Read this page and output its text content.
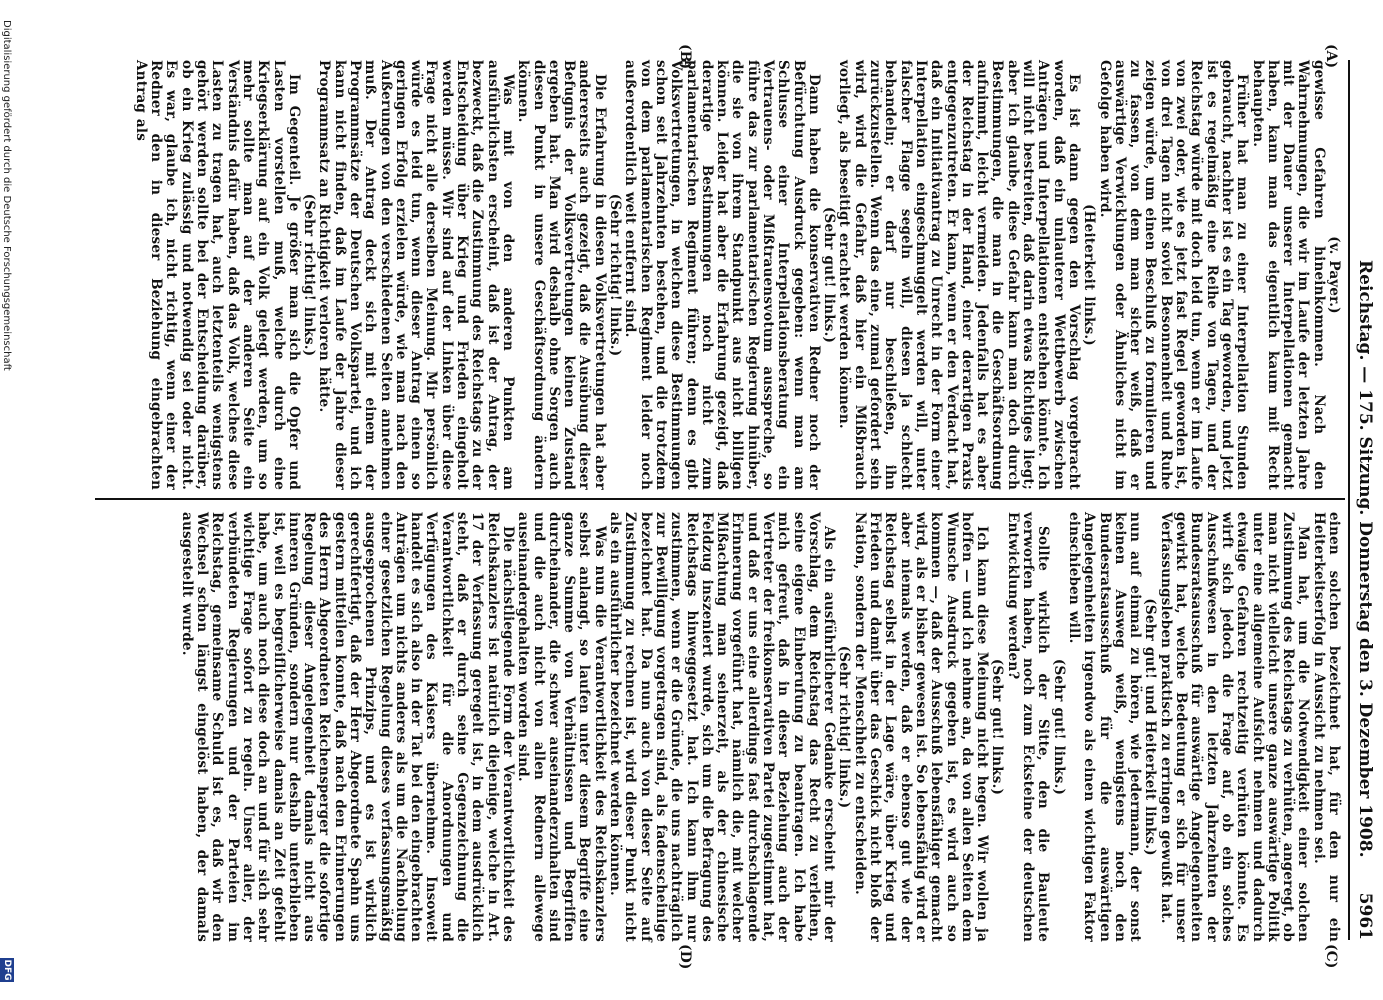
Reichstag. — 175. Sitzung. Donnerstag den 3. Dezember 1908.
5961
(A)
(B)
(C)
(D)

(v. Payer.)

gewisse Gefahren hineinkommen. Nach den Wahrnehmungen, die wir im Laufe der letzten Jahre mit der Dauer unserer Interpellationen gemacht haben, kann man das eigentlich kaum mit Recht behaupten.

Früher hat man zu einer Interpellation Stunden gebraucht, nachher ist es ein Tag geworden, und jetzt ist es regelmäßig eine Reihe von Tagen, und der Reichstag würde mit doch leid tun, wenn er im Laufe von zwei oder, wie es jetzt fast Regel geworden ist, von drei Tagen nicht soviel Besonnenheit und Ruhe zeigen würde, um einen Beschluß zu formulieren und zu fassen, von dem man sicher weiß, daß er auswärtige Verwicklungen oder Ähnliches nicht im Gefolge haben wird.

(Heiterkeit links.)

Es ist dann gegen den Vorschlag vorgebracht worden, daß ein unlauterer Wettbewerb zwischen Anträgen und Interpellationen entstehen könnte. Ich will nicht bestreiten, daß darin etwas Richtiges liegt; aber ich glaube, diese Gefahr kann man doch durch Bestimmungen, die man in die Geschäftsordnung aufnimmt, leicht vermeiden. Jedenfalls hat es aber der Reichstag in der Hand, einer derartigen Praxis entgegenzutreten. Er kann, wenn er den Verdacht hat, daß ein Initiativantrag zu Unrecht in der Form einer Interpellation eingeschmuggelt werden will, unter falscher Flagge segeln will, diesen ja schlecht behandeln; er darf nur beschließen, ihn zurückzustellen. Wenn das eine, zumal gefordert sein wird, wird die Gefahr, daß hier ein Mißbrauch vorliegt, als beseitigt erachtet werden können.

(Sehr gut! links.)

Dann haben die konservativen Redner noch der Befürchtung Ausdruck gegeben: wenn man am Schlusse einer Interpellationsberatung ein Vertrauens- oder Mißtrauensvotum ausspreche, so führe das zur parlamentarischen Regierung hinüber, die sie von ihrem Standpunkt aus nicht billigen können. Leider hat aber die Erfahrung gezeigt, daß derartige Bestimmungen noch nicht zum parlamentarischen Regiment führen; denn es gibt Volksvertretungen, in welchen diese Bestimmungen schon seit Jahrzehnten bestehen, und die trotzdem von dem parlamentarischen Regiment leider noch außerordentlich weit entfernt sind.

(Sehr richtig! links.)

Die Erfahrung in diesen Volksvertretungen hat aber andererseits auch gezeigt, daß die Ausübung dieser Befugnis der Volksvertretungen keinen Zustand ergeben hat. Man wird deshalb ohne Sorgen auch diesen Punkt in unsere Geschäftsordnung ändern können.

Was mit von den anderen Punkten am ausführlichsten erscheint, daß ist der Antrag, der bezweckt, daß die Zustimmung des Reichstags zu der Entscheidung über Krieg und Frieden eingeholt werden müsse. Wir sind auf der Linken über diese Frage nicht alle derselben Meinung. Mir persönlich würde es leid tun, wenn dieser Antrag einen so geringen Erfolg erzielen würde, wie man nach den Äußerungen von den verschiedenen Seiten annehmen muß. Der Antrag deckt sich mit einem der Programmsätze der Deutschen Volkspartei, und ich kann nicht finden, daß im Laufe der Jahre dieser Programmsatz an Richtigkeit verloren hätte.

(Sehr richtig! links.)

Im Gegenteil. Je größer man sich die Opfer und Lasten vorstellen muß, welche durch eine Kriegserklärung auf ein Volk gelegt werden, um so mehr sollte man auf der anderen Seite ein Verständnis dafür haben, daß das Volk, welches diese Lasten zu tragen hat, auch letztenteils wenigstens gehört werden sollte bei der Entscheidung darüber, ob ein Krieg zulässig und notwendig sei oder nicht. Es war, glaube ich, nicht richtig, wenn einer der Redner den in dieser Beziehung eingebrachten Antrag als

einen solchen bezeichnet hat, für den nur ein Heiterkeitserfolg in Aussicht zu nehmen sei.

Man hat, um die Notwendigkeit einer solchen Zustimmung des Reichstags zu verhüten, angeregt, ob man nicht vielleicht unsere ganze auswärtige Politik unter eine allgemeine Aufsicht nehmen und dadurch etwaige Gefahren rechtzeitig verhüten könnte. Es wirft sich jedoch die Frage auf, ob ein solches Ausschußwesen in den letzten Jahrzehnten der Bundesratsausschuß für auswärtige Angelegenheiten gewirkt hat, welche Bedeutung er sich für unser Verfassungsleben praktisch zu erringen gewußt hat.

(Sehr gut! und Heiterkeit links.)

nun auf einmal zu hören, wie jedermann, der sonst keinen Ausweg weiß, wenigstens noch den Bundesratsausschuß für die auswärtigen Angelegenheiten irgendwo als einen wichtigen Faktor einschieben will.

(Sehr gut! links.)

Sollte wirklich der Sitte, den die Bauleute verworfen haben, noch zum Ecksteine der deutschen Entwicklung werden?

(Sehr gut! links.)

Ich kann diese Meinung nicht hegen. Wir wollen ja hoffen — und ich nehme an, da von allen Seiten dem Wunsche Ausdruck gegeben ist, es wird auch so kommen —, daß der Ausschuß lebensfähiger gemacht wird, als er bisher gewesen ist. So lebensfähig wird er aber niemals werden, daß er ebenso gut wie der Reichstag selbst in der Lage wäre, über Krieg und Frieden und damit über das Geschick nicht bloß der Nation, sondern der Menschheit zu entscheiden.

(Sehr richtig! links.)

Als ein ausführlicherer Gedanke erscheint mir der Vorschlag, dem Reichstag das Recht zu verleihen, seine eigene Einberufung zu beantragen. Ich habe mich gefreut, daß in dieser Beziehung auch der Vertreter der freikonservativen Partei zugestimmt hat, und daß er uns eine allerdings fast durchschlagende Erinnerung vorgeführt hat, nämlich die, mit welcher Mißachtung man seinerzeit, als der chinesische Feldzug inszeniert wurde, sich um die Befragung des Reichstags hinweggesetzt hat. Ich kann ihm nur zustimmen, wenn er die Gründe, die uns nachträglich zur Bewilligung vorgetragen sind, als fadenscheinige bezeichnet hat. Da nun auch von dieser Seite auf Zustimmung zu rechnen ist, wird dieser Punkt nicht als ein ausführlicher bezeichnet werden können.

Was nun die Verantwortlichkeit des Reichskanzlers selbst anlangt, so laufen unter diesem Begriffe eine ganze Summe von Verhältnissen und Begriffen durcheinander, die schwer auseinanderzuhalten sind und die auch nicht von allen Rednern allewege auseinandergehalten worden sind.

Die nächstliegende Form der Verantwortlichkeit des Reichskanzlers ist natürlich diejenige, welche in Art. 17 der Verfassung geregelt ist, in dem ausdrücklich steht, daß er durch seine Gegenzeichnung die Verantwortlichkeit für die Anordnungen und Verfügungen des Kaisers übernehme. Insoweit handelt es sich also in der Tat bei den eingebrachten Anträgen um nichts anderes als um die Nachholung einer gesetzlichen Regelung dieses verfassungsmäßig ausgesprochenen Prinzips, und es ist wirklich gerechtfertigt, daß der Herr Abgeordnete Spahn uns gestern mitteilen konnte, daß nach den Erinnerungen des Herrn Abgeordneten Reichensperger die sofortige Regelung dieser Angelegenheit damals nicht aus inneren Gründen, sondern nur deshalb unterblieben ist, weil es begreiflicherweise damals an Zeit gefehlt habe, um auch noch diese doch an und für sich sehr wichtige Frage sofort zu regeln. Unser aller, der verbündeten Regierungen und der Parteien im Reichstag, gemeinsame Schuld ist es, daß wir den Wechsel schon längst eingelöst haben, der damals ausgestellt wurde.

Digitalisierung gefördert durch die Deutsche Forschungsgemeinschaft
DFG
